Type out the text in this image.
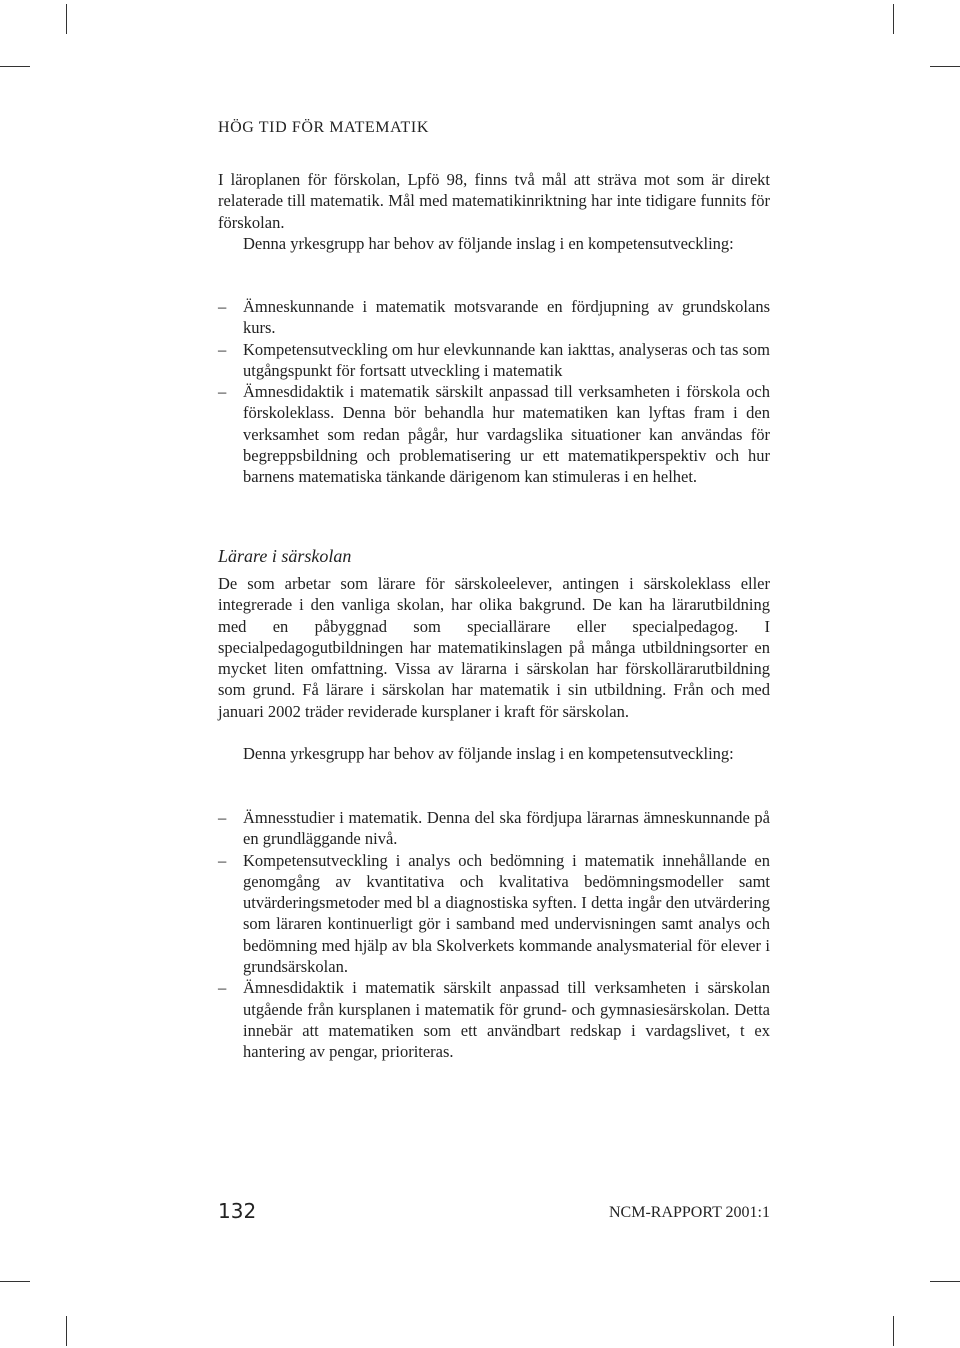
HÖG TID FÖR MATEMATIK

I läroplanen för förskolan, Lpfö 98, finns två mål att sträva mot som är direkt relaterade till matematik. Mål med matematikinriktning har inte tidigare funnits för förskolan.

Denna yrkesgrupp har behov av följande inslag i en kompetensutveckling:

– Ämneskunnande i matematik motsvarande en fördjupning av grundskolans kurs.
– Kompetensutveckling om hur elevkunnande kan iakttas, analyseras och tas som utgångspunkt för fortsatt utveckling i matematik
– Ämnesdidaktik i matematik särskilt anpassad till verksamheten i förskola och förskoleklass. Denna bör behandla hur matematiken kan lyftas fram i den verksamhet som redan pågår, hur vardagslika situationer kan användas för begreppsbildning och problematisering ur ett matematikperspektiv och hur barnens matematiska tänkande därigenom kan stimuleras i en helhet.
Lärare i särskolan

De som arbetar som lärare för särskoleelever, antingen i särskoleklass eller integrerade i den vanliga skolan, har olika bakgrund. De kan ha lärarutbildning med en påbyggnad som speciallärare eller specialpedagog. I specialpedagogutbildningen har matematikinslagen på många utbildningsorter en mycket liten omfattning. Vissa av lärarna i särskolan har förskollärarutbildning som grund. Få lärare i särskolan har matematik i sin utbildning. Från och med januari 2002 träder reviderade kursplaner i kraft för särskolan.

Denna yrkesgrupp har behov av följande inslag i en kompetensutveckling:

– Ämnesstudier i matematik. Denna del ska fördjupa lärarnas ämneskunnande på en grundläggande nivå.
– Kompetensutveckling i analys och bedömning i matematik innehållande en genomgång av kvantitativa och kvalitativa bedömningsmodeller samt utvärderingsmetoder med bl a diagnostiska syften. I detta ingår den utvärdering som läraren kontinuerligt gör i samband med undervisningen samt analys och bedömning med hjälp av bla Skolverkets kommande analysmaterial för elever i grundsärskolan.
– Ämnesdidaktik i matematik särskilt anpassad till verksamheten i särskolan utgående från kursplanen i matematik för grund- och gymnasiesärskolan. Detta innebär att matematiken som ett användbart redskap i vardagslivet, t ex hantering av pengar, prioriteras.
132	NCM-RAPPORT 2001:1
